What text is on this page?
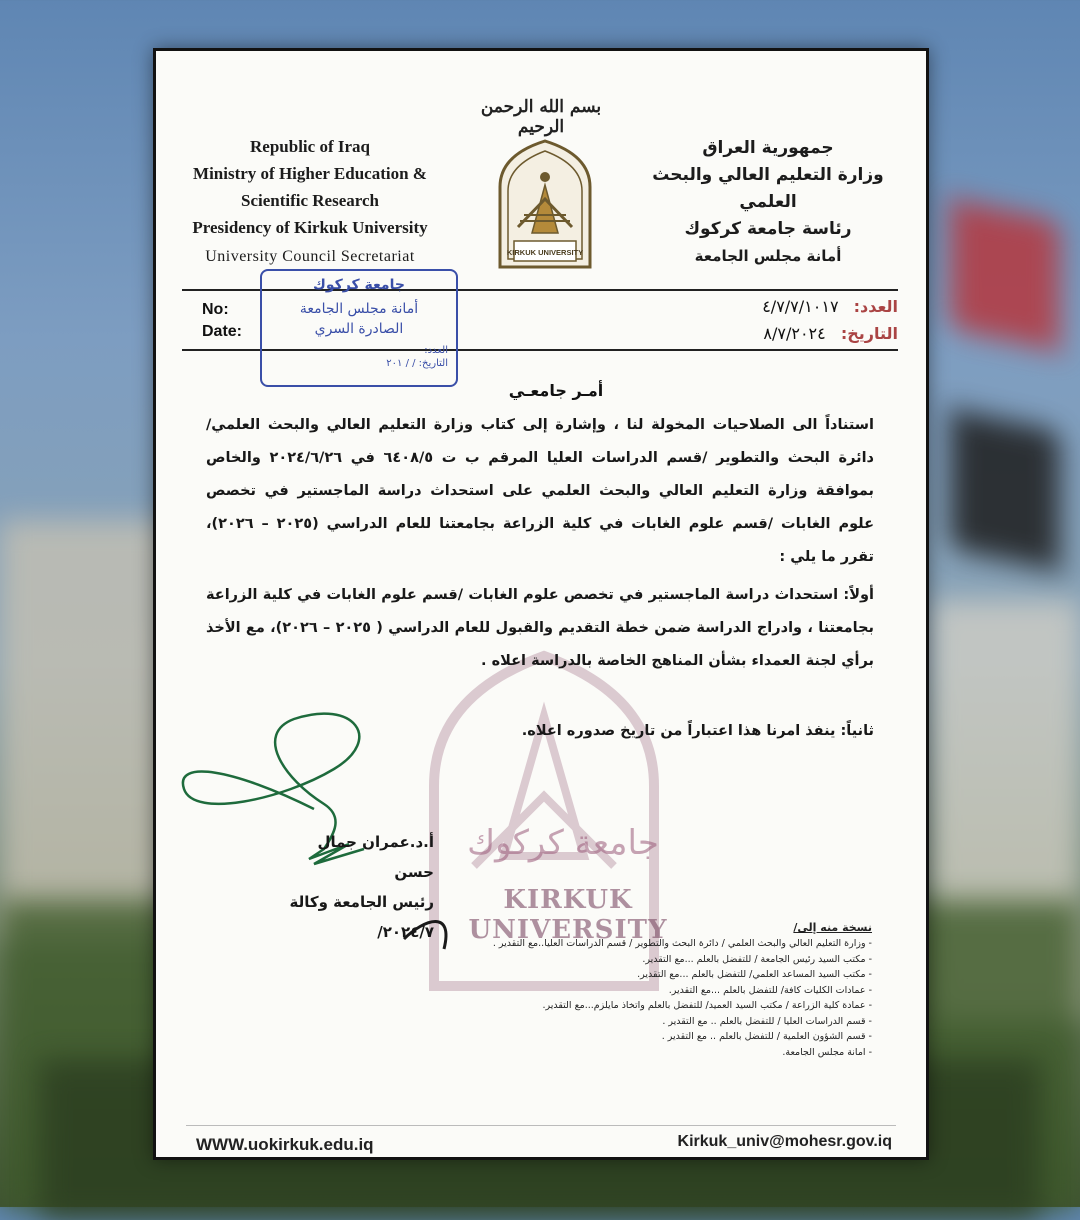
بسم الله الرحمن الرحيم
Republic of Iraq
Ministry of Higher Education &
Scientific Research
Presidency of Kirkuk University
University Council Secretariat
جمهورية العراق
وزارة التعليم العالي والبحث العلمي
رئاسة جامعة كركوك
أمانة مجلس الجامعة
KIRKUK UNIVERSITY
No:
Date:
العدد: ٤/٧/٧/١٠١٧
التاريخ: ٨/٧/٢٠٢٤
جامعة كركوك
أمانة مجلس الجامعة
الصادرة السري
العدد:
التاريخ: / / ٢٠١
جامعة كركوك
KIRKUK UNIVERSITY
أمـر جامعـي
استناداً الى الصلاحيات المخولة لنا ، وإشارة إلى كتاب وزارة التعليم العالي والبحث العلمي/ دائرة البحث والتطوير /قسم الدراسات العليا المرقم ب ت ٦٤٠٨/٥ في ٢٠٢٤/٦/٢٦ والخاص بموافقة وزارة التعليم العالي والبحث العلمي على استحداث دراسة الماجستير في تخصص علوم الغابات /قسم علوم الغابات في كلية الزراعة بجامعتنا للعام الدراسي (٢٠٢٥ – ٢٠٢٦)، تقرر ما يلي :
أولاً: استحداث دراسة الماجستير في تخصص علوم الغابات /قسم علوم الغابات في كلية الزراعة بجامعتنا ، وادراج الدراسة ضمن خطة التقديم والقبول للعام الدراسي ( ٢٠٢٥ – ٢٠٢٦)، مع الأخذ برأي لجنة العمداء بشأن المناهج الخاصة بالدراسة اعلاه .
ثانياً: ينفذ امرنا هذا اعتباراً من تاريخ صدوره اعلاه.
أ.د.عمران جمال حسن
رئيس الجامعة وكالة
٢٠٢٤/٧/	نسخة منه إلى/
- وزارة التعليم العالي والبحث العلمي / دائرة البحث والتطوير / قسم الدراسات العليا..مع التقدير .
- مكتب السيد رئيس الجامعة / للتفضل بالعلم ...مع التقدير.
- مكتب السيد المساعد العلمي/ للتفضل بالعلم ...مع التقدير.
- عمادات الكليات كافة/ للتفضل بالعلم ...مع التقدير.
- عمادة كلية الزراعة / مكتب السيد العميد/ للتفضل بالعلم واتخاذ مايلزم...مع التقدير.
- قسم الدراسات العليا / للتفضل بالعلم .. مع التقدير .
- قسم الشؤون العلمية / للتفضل بالعلم .. مع التقدير .
- امانة مجلس الجامعة.
WWW.uokirkuk.edu.iq	Kirkuk_univ@mohesr.gov.iq
